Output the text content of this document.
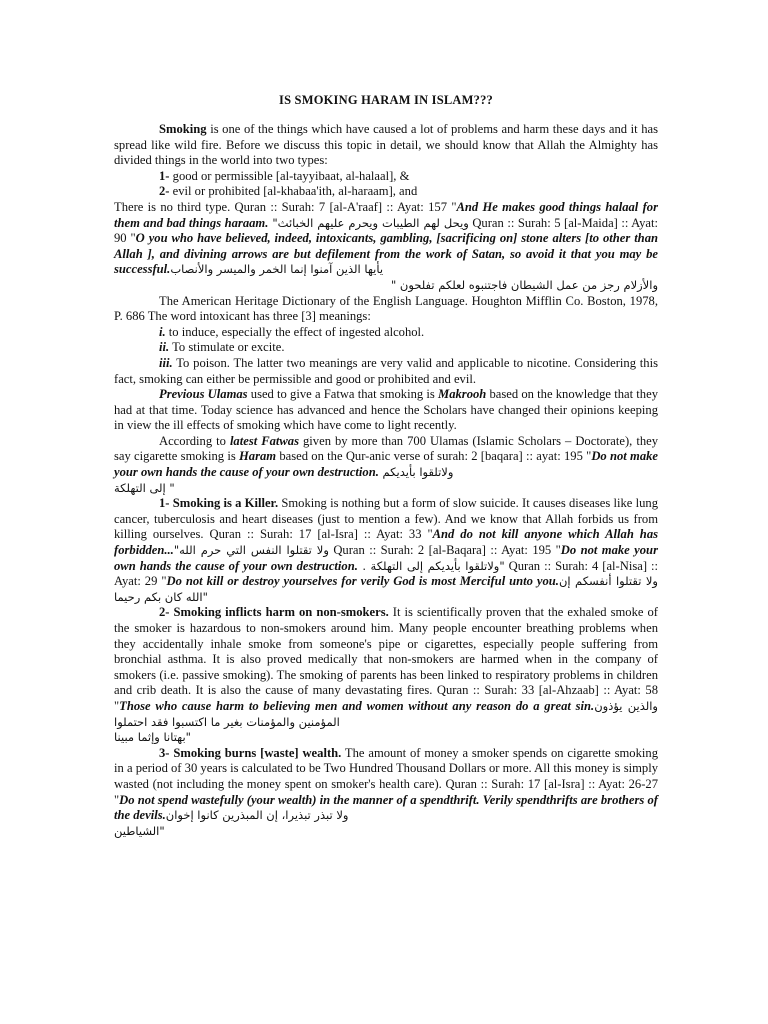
IS SMOKING HARAM IN ISLAM???

Smoking is one of the things which have caused a lot of problems and harm these days and it has spread like wild fire. Before we discuss this topic in detail, we should know that Allah the Almighty has divided things in the world into two types:

1- good or permissible [al-tayyibaat, al-halaal], &

2- evil or prohibited [al-khabaa'ith, al-haraam], and

There is no third type. Quran :: Surah: 7 [al-A'raaf] :: Ayat: 157 "And He makes good things halaal for them and bad things haraam. "ويحل لهم الطيبات ويحرم عليهم الخبائث Quran :: Surah: 5 [al-Maida] :: Ayat: 90 "O you who have believed, indeed, intoxicants, gambling, [sacrificing on] stone alters [to other than Allah ], and divining arrows are but defilement from the work of Satan, so avoid it that you may be successful.يأيها الذين آمنوا إنما الخمر والميسر والأنصاب

والأزلام رجز من عمل الشيطان فاجتنبوه لعلكم تفلحون "

The American Heritage Dictionary of the English Language. Houghton Mifflin Co. Boston, 1978, P. 686 The word intoxicant has three [3] meanings:

i. to induce, especially the effect of ingested alcohol.

ii. To stimulate or excite.

iii. To poison. The latter two meanings are very valid and applicable to nicotine. Considering this fact, smoking can either be permissible and good or prohibited and evil.

Previous Ulamas used to give a Fatwa that smoking is Makrooh based on the knowledge that they had at that time. Today science has advanced and hence the Scholars have changed their opinions keeping in view the ill effects of smoking which have come to light recently.

According to latest Fatwas given by more than 700 Ulamas (Islamic Scholars – Doctorate), they say cigarette smoking is Haram based on the Qur-anic verse of surah: 2 [baqara] :: ayat: 195 "Do not make your own hands the cause of your own destruction. ولاتلقوا بأيديكم

إلى التهلكة "

1- Smoking is a Killer. Smoking is nothing but a form of slow suicide. It causes diseases like lung cancer, tuberculosis and heart diseases (just to mention a few). And we know that Allah forbids us from killing ourselves. Quran :: Surah: 17 [al-Isra] :: Ayat: 33 "And do not kill anyone which Allah has forbidden..."ولا تقتلوا النفس التي حرم الله Quran :: Surah: 2 [al-Baqara] :: Ayat: 195 "Do not make your own hands the cause of your own destruction. . ولاتلقوا بأيديكم إلى التهلكة" Quran :: Surah: 4 [al-Nisa] :: Ayat: 29 "Do not kill or destroy yourselves for verily God is most Merciful unto you.ولا تقتلوا أنفسكم إن الله كان بكم رحيما"

2- Smoking inflicts harm on non-smokers. It is scientifically proven that the exhaled smoke of the smoker is hazardous to non-smokers around him. Many people encounter breathing problems when they accidentally inhale smoke from someone's pipe or cigarettes, especially people suffering from bronchial asthma. It is also proved medically that non-smokers are harmed when in the company of smokers (i.e. passive smoking). The smoking of parents has been linked to respiratory problems in children and crib death. It is also the cause of many devastating fires. Quran :: Surah: 33 [al-Ahzaab] :: Ayat: 58 "Those who cause harm to believing men and women without any reason do a great sin.والذين يؤذون المؤمنين والمؤمنات بغير ما اكتسبوا فقد احتملوا

بهتانا وإثما مبينا"

3- Smoking burns [waste] wealth. The amount of money a smoker spends on cigarette smoking in a period of 30 years is calculated to be Two Hundred Thousand Dollars or more. All this money is simply wasted (not including the money spent on smoker's health care). Quran :: Surah: 17 [al-Isra] :: Ayat: 26-27 "Do not spend wastefully (your wealth) in the manner of a spendthrift. Verily spendthrifts are brothers of the devils.ولا تبذر تبذيرا، إن المبذرين كانوا إخوان

الشياطين"
